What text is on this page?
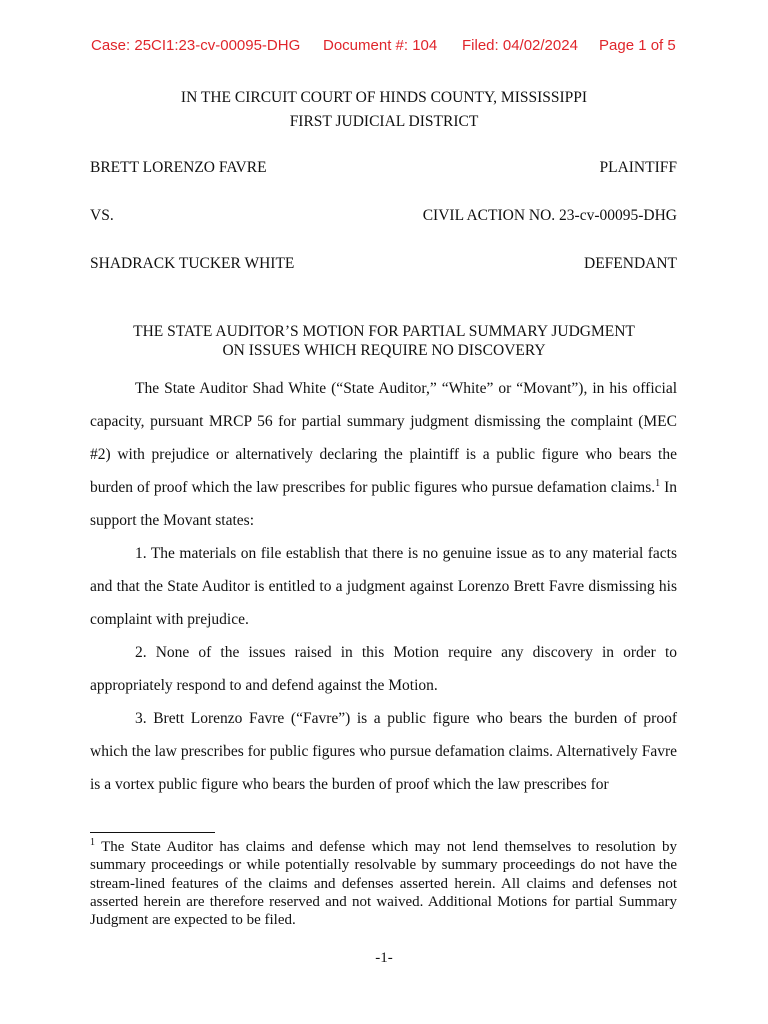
Case: 25CI1:23-cv-00095-DHG Document #: 104 Filed: 04/02/2024 Page 1 of 5
IN THE CIRCUIT COURT OF HINDS COUNTY, MISSISSIPPI
FIRST JUDICIAL DISTRICT
BRETT LORENZO FAVRE	PLAINTIFF
VS.	CIVIL ACTION NO. 23-cv-00095-DHG
SHADRACK TUCKER WHITE	DEFENDANT
THE STATE AUDITOR’S MOTION FOR PARTIAL SUMMARY JUDGMENT
ON ISSUES WHICH REQUIRE NO DISCOVERY

The State Auditor Shad White (“State Auditor,” “White” or “Movant”), in his official capacity, pursuant MRCP 56 for partial summary judgment dismissing the complaint (MEC #2) with prejudice or alternatively declaring the plaintiff is a public figure who bears the burden of proof which the law prescribes for public figures who pursue defamation claims.$^1$ In support the Movant states:

1. The materials on file establish that there is no genuine issue as to any material facts and that the State Auditor is entitled to a judgment against Lorenzo Brett Favre dismissing his complaint with prejudice.

2. None of the issues raised in this Motion require any discovery in order to appropriately respond to and defend against the Motion.

3. Brett Lorenzo Favre (“Favre”) is a public figure who bears the burden of proof which the law prescribes for public figures who pursue defamation claims. Alternatively Favre is a vortex public figure who bears the burden of proof which the law prescribes for

$^1$ The State Auditor has claims and defense which may not lend themselves to resolution by summary proceedings or while potentially resolvable by summary proceedings do not have the stream-lined features of the claims and defenses asserted herein. All claims and defenses not asserted herein are therefore reserved and not waived. Additional Motions for partial Summary Judgment are expected to be filed.
-1-
